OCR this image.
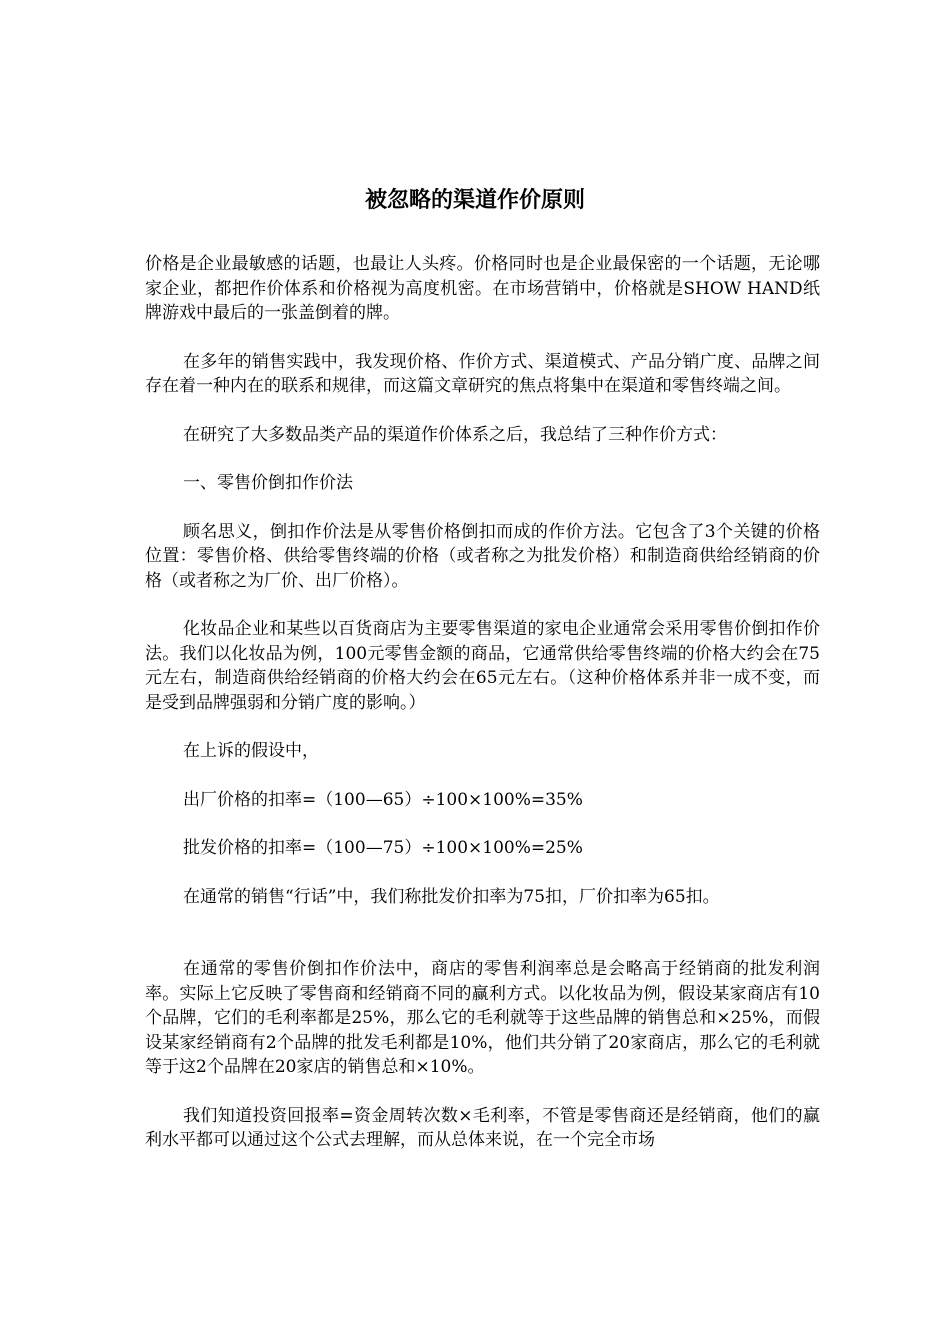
被忽略的渠道作价原则

价格是企业最敏感的话题，也最让人头疼。价格同时也是企业最保密的一个话题，无论哪家企业，都把作价体系和价格视为高度机密。在市场营销中，价格就是SHOW HAND纸牌游戏中最后的一张盖倒着的牌。

在多年的销售实践中，我发现价格、作价方式、渠道模式、产品分销广度、品牌之间存在着一种内在的联系和规律，而这篇文章研究的焦点将集中在渠道和零售终端之间。

在研究了大多数品类产品的渠道作价体系之后，我总结了三种作价方式：

一、零售价倒扣作价法

顾名思义，倒扣作价法是从零售价格倒扣而成的作价方法。它包含了3个关键的价格位置：零售价格、供给零售终端的价格（或者称之为批发价格）和制造商供给经销商的价格（或者称之为厂价、出厂价格）。

化妆品企业和某些以百货商店为主要零售渠道的家电企业通常会采用零售价倒扣作价法。我们以化妆品为例，100元零售金额的商品，它通常供给零售终端的价格大约会在75元左右，制造商供给经销商的价格大约会在65元左右。（这种价格体系并非一成不变，而是受到品牌强弱和分销广度的影响。）

在上诉的假设中，

出厂价格的扣率=（100—65）÷100×100%=35%

批发价格的扣率=（100—75）÷100×100%=25%

在通常的销售“行话”中，我们称批发价扣率为75扣，厂价扣率为65扣。

在通常的零售价倒扣作价法中，商店的零售利润率总是会略高于经销商的批发利润率。实际上它反映了零售商和经销商不同的赢利方式。以化妆品为例，假设某家商店有10个品牌，它们的毛利率都是25%，那么它的毛利就等于这些品牌的销售总和×25%，而假设某家经销商有2个品牌的批发毛利都是10%，他们共分销了20家商店，那么它的毛利就等于这2个品牌在20家店的销售总和×10%。

我们知道投资回报率=资金周转次数×毛利率，不管是零售商还是经销商，他们的赢利水平都可以通过这个公式去理解，而从总体来说，在一个完全市场
